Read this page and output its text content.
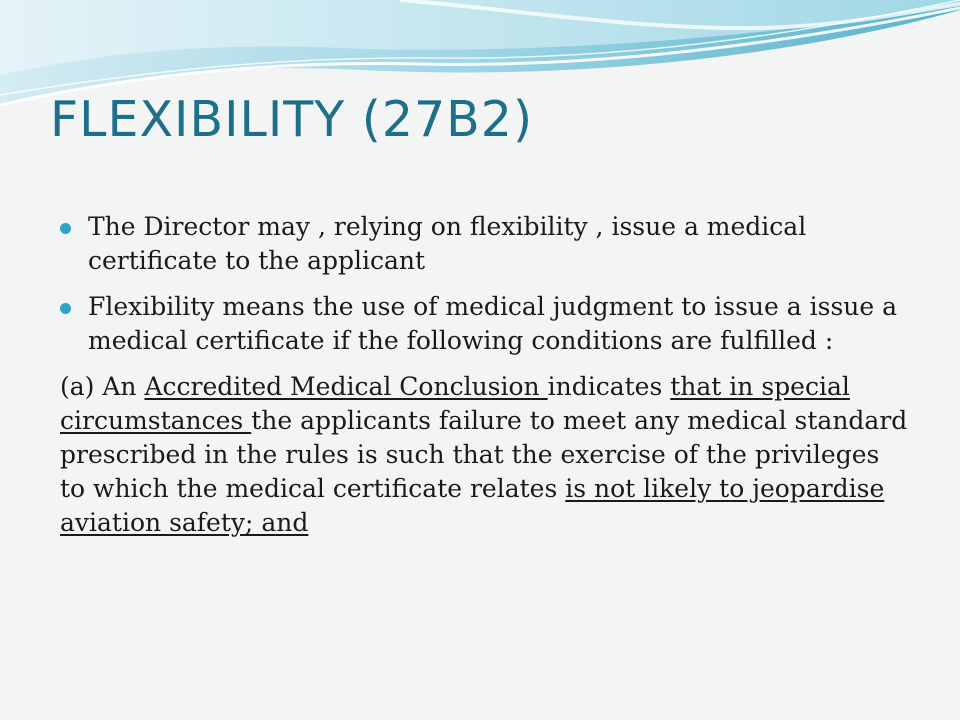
FLEXIBILITY (27B2)
The Director may , relying on flexibility , issue a medical certificate to the applicant
Flexibility means the use of medical judgment to issue a issue a medical certificate if the following conditions are fulfilled :

(a) An Accredited Medical Conclusion indicates that in special circumstances the applicants failure to meet any medical standard prescribed in the rules is such that the exercise of the privileges to which the medical certificate relates is not likely to jeopardise aviation safety; and
